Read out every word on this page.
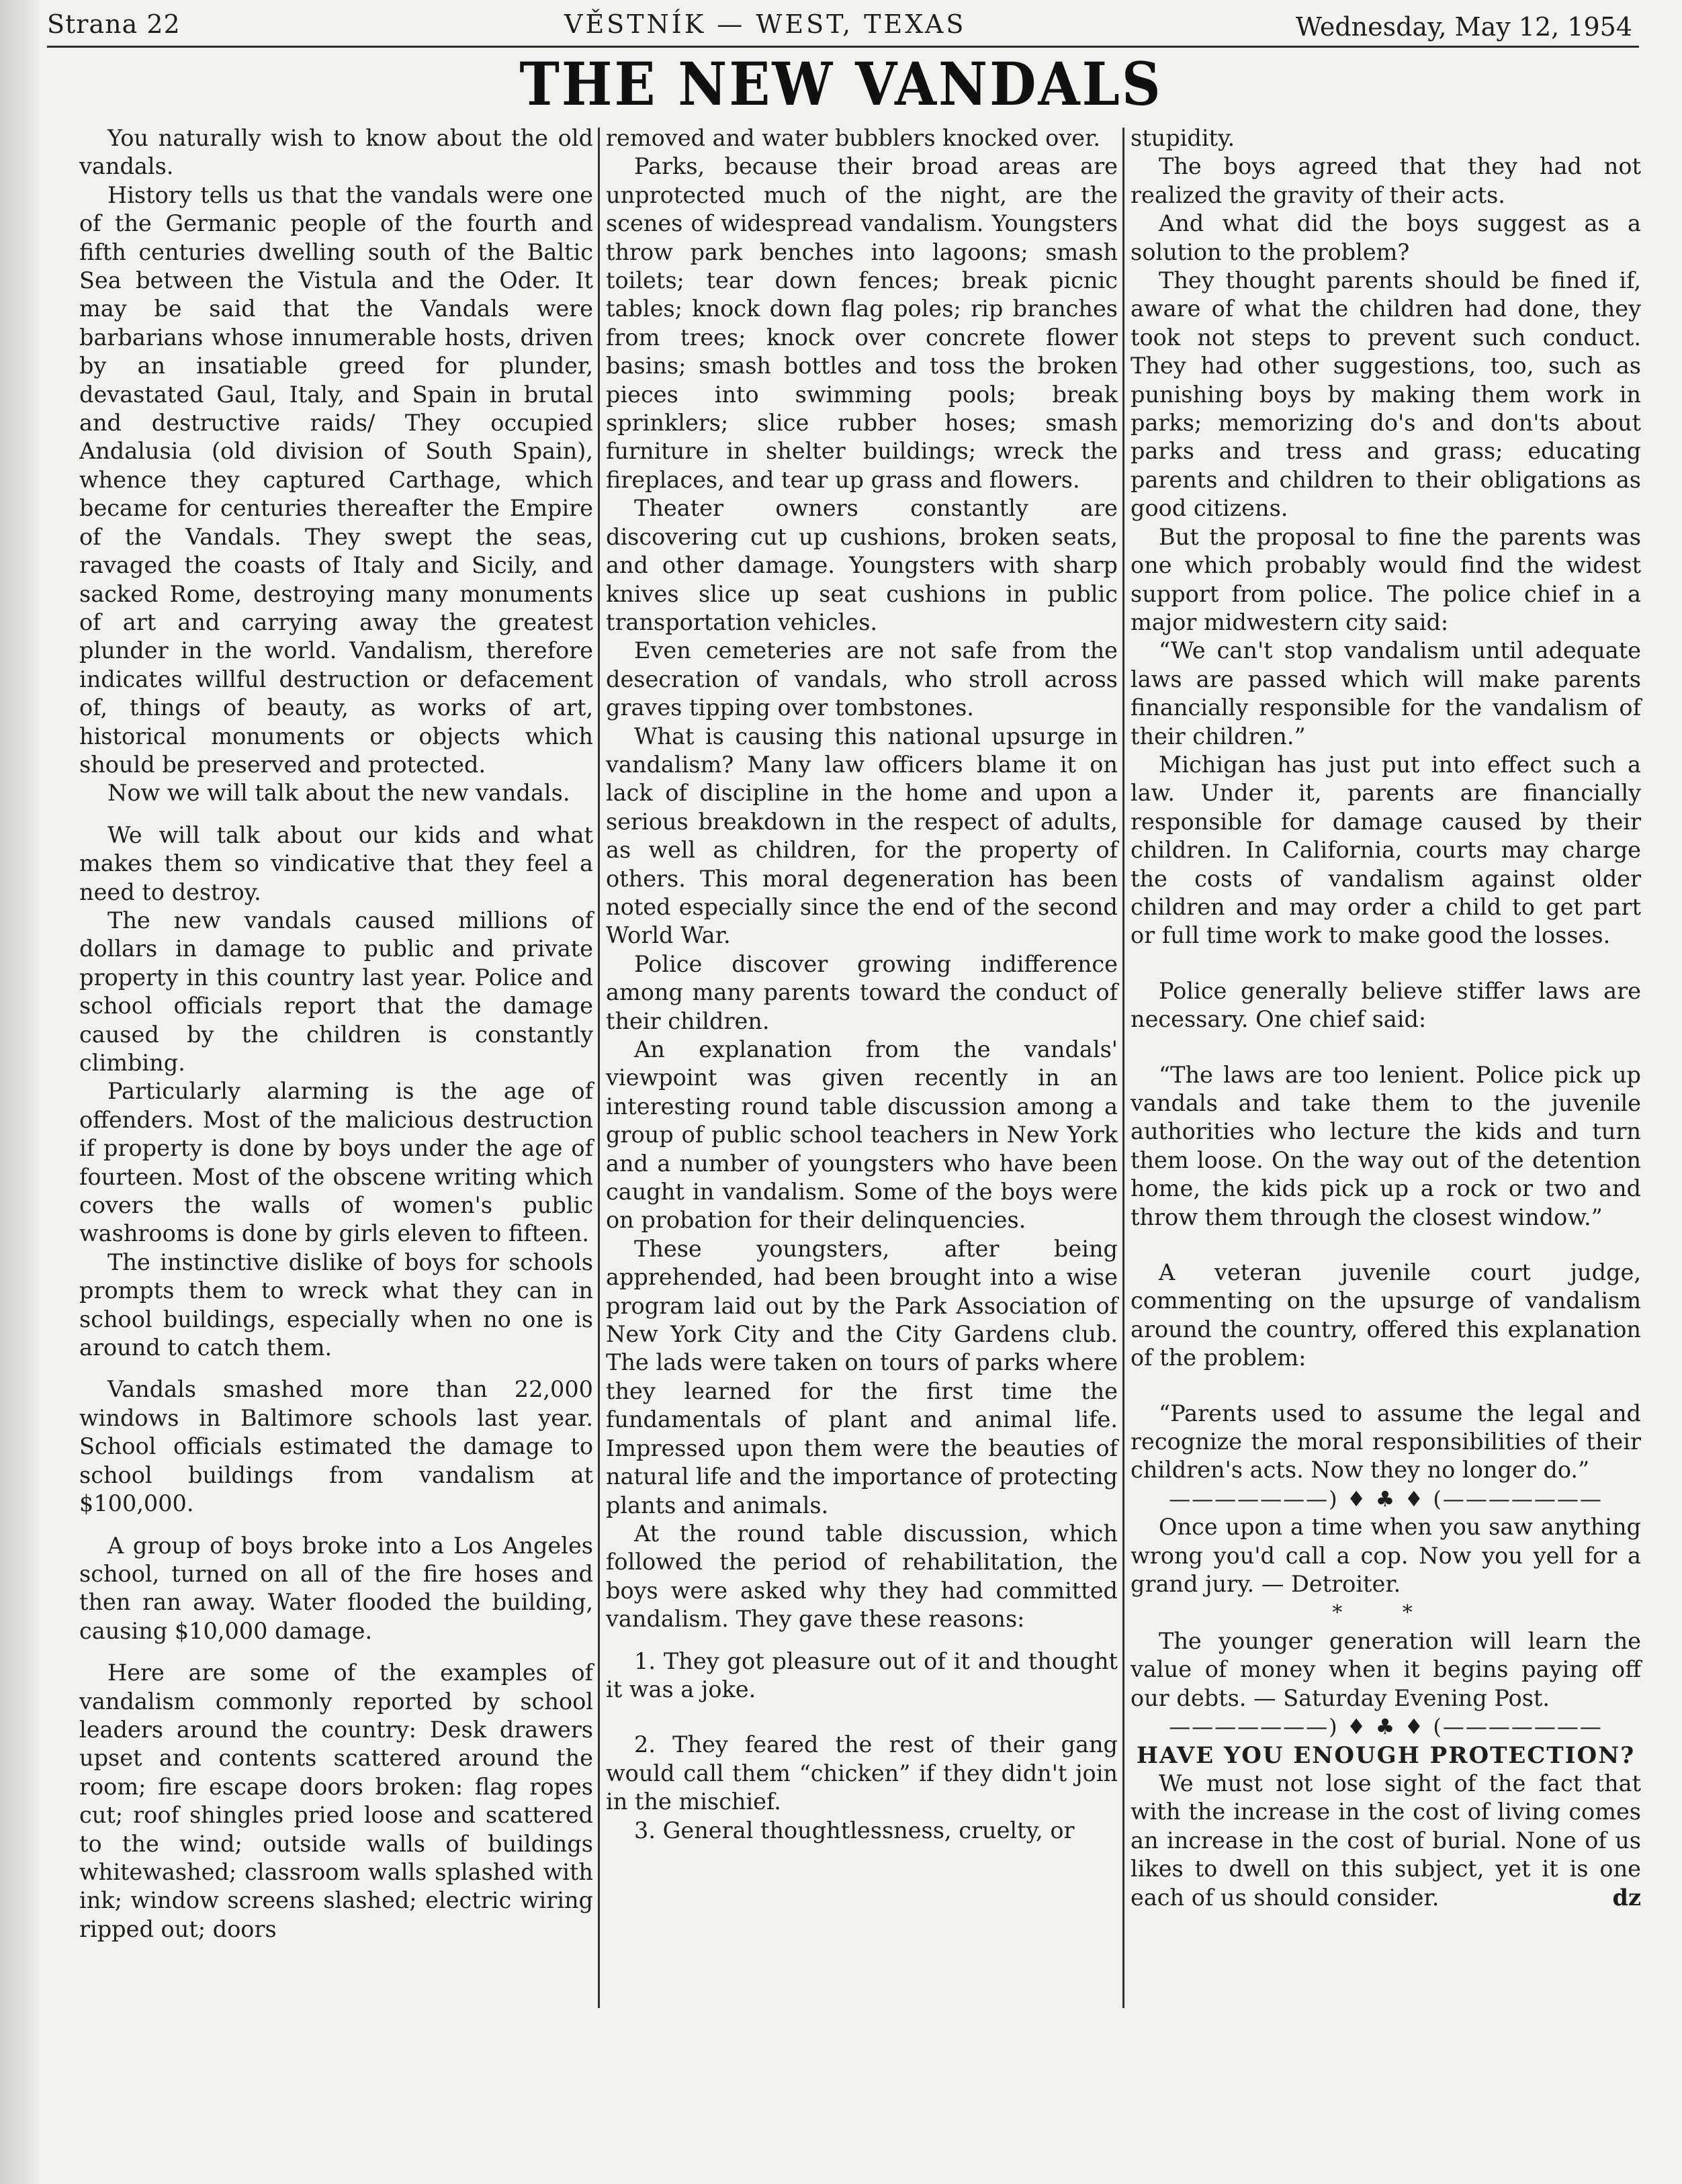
Strana 22	VĚSTNÍK — WEST, TEXAS	Wednesday, May 12, 1954
THE NEW VANDALS

You naturally wish to know about the old vandals.

History tells us that the vandals were one of the Germanic people of the fourth and fifth centuries dwelling south of the Baltic Sea between the Vistula and the Oder. It may be said that the Vandals were barbarians whose innumerable hosts, driven by an insatiable greed for plunder, devastated Gaul, Italy, and Spain in brutal and destructive raids/ They occupied Andalusia (old division of South Spain), whence they captured Carthage, which became for centuries thereafter the Empire of the Vandals. They swept the seas, ravaged the coasts of Italy and Sicily, and sacked Rome, destroying many monuments of art and carrying away the greatest plunder in the world. Vandalism, therefore indicates willful destruction or defacement of, things of beauty, as works of art, historical monuments or objects which should be preserved and protected.

Now we will talk about the new vandals.

We will talk about our kids and what makes them so vindicative that they feel a need to destroy.

The new vandals caused millions of dollars in damage to public and private property in this country last year. Police and school officials report that the damage caused by the children is constantly climbing.

Particularly alarming is the age of offenders. Most of the malicious destruction if property is done by boys under the age of fourteen. Most of the obscene writing which covers the walls of women's public washrooms is done by girls eleven to fifteen.

The instinctive dislike of boys for schools prompts them to wreck what they can in school buildings, especially when no one is around to catch them.

Vandals smashed more than 22,000 windows in Baltimore schools last year. School officials estimated the damage to school buildings from vandalism at $100,000.

A group of boys broke into a Los Angeles school, turned on all of the fire hoses and then ran away. Water flooded the building, causing $10,000 damage.

Here are some of the examples of vandalism commonly reported by school leaders around the country: Desk drawers upset and contents scattered around the room; fire escape doors broken: flag ropes cut; roof shingles pried loose and scattered to the wind; outside walls of buildings whitewashed; classroom walls splashed with ink; window screens slashed; electric wiring ripped out; doors

removed and water bubblers knocked over.

Parks, because their broad areas are unprotected much of the night, are the scenes of widespread vandalism. Youngsters throw park benches into lagoons; smash toilets; tear down fences; break picnic tables; knock down flag poles; rip branches from trees; knock over concrete flower basins; smash bottles and toss the broken pieces into swimming pools; break sprinklers; slice rubber hoses; smash furniture in shelter buildings; wreck the fireplaces, and tear up grass and flowers.

Theater owners constantly are discovering cut up cushions, broken seats, and other damage. Youngsters with sharp knives slice up seat cushions in public transportation vehicles.

Even cemeteries are not safe from the desecration of vandals, who stroll across graves tipping over tombstones.

What is causing this national upsurge in vandalism? Many law officers blame it on lack of discipline in the home and upon a serious breakdown in the respect of adults, as well as children, for the property of others. This moral degeneration has been noted especially since the end of the second World War.

Police discover growing indifference among many parents toward the conduct of their children.

An explanation from the vandals' viewpoint was given recently in an interesting round table discussion among a group of public school teachers in New York and a number of youngsters who have been caught in vandalism. Some of the boys were on probation for their delinquencies.

These youngsters, after being apprehended, had been brought into a wise program laid out by the Park Association of New York City and the City Gardens club. The lads were taken on tours of parks where they learned for the first time the fundamentals of plant and animal life. Impressed upon them were the beauties of natural life and the importance of protecting plants and animals.

At the round table discussion, which followed the period of rehabilitation, the boys were asked why they had committed vandalism. They gave these reasons:

1. They got pleasure out of it and thought it was a joke.

2. They feared the rest of their gang would call them “chicken” if they didn't join in the mischief.

3. General thoughtlessness, cruelty, or

stupidity.

The boys agreed that they had not realized the gravity of their acts.

And what did the boys suggest as a solution to the problem?

They thought parents should be fined if, aware of what the children had done, they took not steps to prevent such conduct. They had other suggestions, too, such as punishing boys by making them work in parks; memorizing do's and don'ts about parks and tress and grass; educating parents and children to their obligations as good citizens.

But the proposal to fine the parents was one which probably would find the widest support from police. The police chief in a major midwestern city said:

“We can't stop vandalism until adequate laws are passed which will make parents financially responsible for the vandalism of their children.”

Michigan has just put into effect such a law. Under it, parents are financially responsible for damage caused by their children. In California, courts may charge the costs of vandalism against older children and may order a child to get part or full time work to make good the losses.

Police generally believe stiffer laws are necessary. One chief said:

“The laws are too lenient. Police pick up vandals and take them to the juvenile authorities who lecture the kids and turn them loose. On the way out of the detention home, the kids pick up a rock or two and throw them through the closest window.”

A veteran juvenile court judge, commenting on the upsurge of vandalism around the country, offered this explanation of the problem:

“Parents used to assume the legal and recognize the moral responsibilities of their children's acts. Now they no longer do.”

———————) ♦ ♣ ♦ (———————

Once upon a time when you saw anything wrong you'd call a cop. Now you yell for a grand jury. — Detroiter.

* *

The younger generation will learn the value of money when it begins paying off our debts. — Saturday Evening Post.

———————) ♦ ♣ ♦ (———————

HAVE YOU ENOUGH PROTECTION?

We must not lose sight of the fact that with the increase in the cost of living comes an increase in the cost of burial. None of us likes to dwell on this subject, yet it is one each of us should consider.	dz
